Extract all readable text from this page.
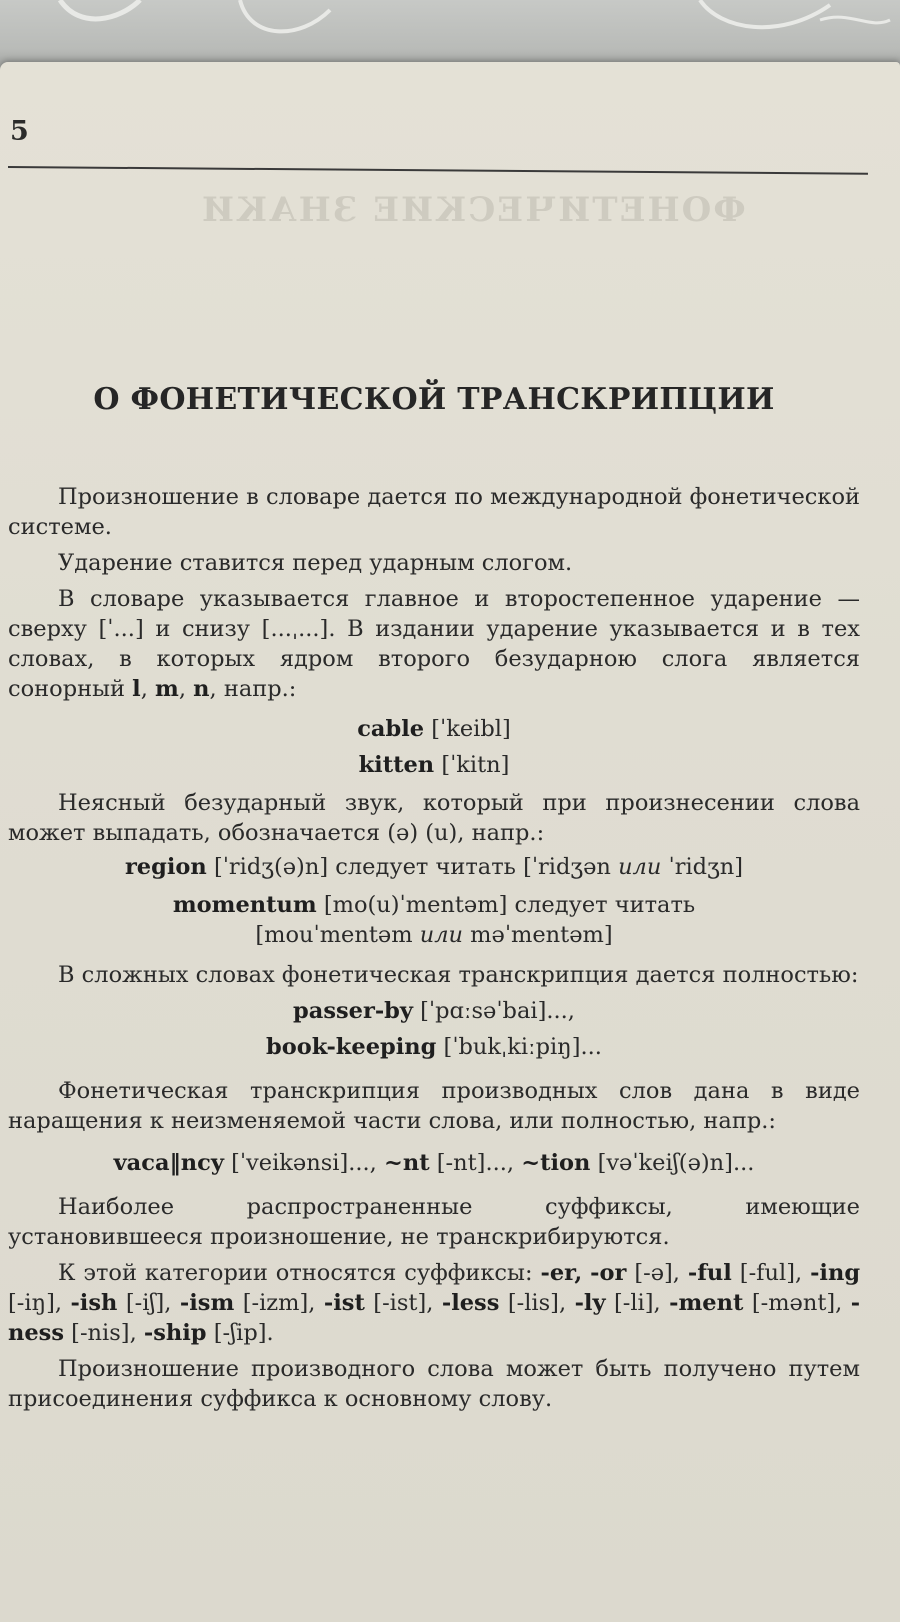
5
ФОНЕТИЧЕСКИЕ ЗНАКИ
О ФОНЕТИЧЕСКОЙ ТРАНСКРИПЦИИ

Произношение в словаре дается по международной фонетической системе.

Ударение ставится перед ударным слогом.

В словаре указывается главное и второстепенное ударение — сверху [ˈ...] и снизу [...ˌ...]. В издании ударение указывается и в тех словах, в которых ядром второго безударною слога является сонорный l, m, n, напр.:

cable [ˈkeibl]
kitten [ˈkitn]

Неясный безударный звук, который при произнесении слова может выпадать, обозначается (ə) (u), напр.:

region [ˈridʒ(ə)n] следует читать [ˈridʒən или ˈridʒn]
momentum [mo(u)ˈmentəm] следует читать
[mouˈmentəm или məˈmentəm]

В сложных словах фонетическая транскрипция дается полностью:

passer-by [ˈpɑːsəˈbai]...,
book-keeping [ˈbukˌkiːpiŋ]...

Фонетическая транскрипция производных слов дана в виде наращения к неизменяемой части слова, или полностью, напр.:

vaca‖ncy [ˈveikənsi]..., ~nt [-nt]..., ~tion [vəˈkeiʃ(ə)n]...

Наиболее распространенные суффиксы, имеющие установившееся произношение, не транскрибируются.

К этой категории относятся суффиксы: -er, -or [-ə], -ful [-ful], -ing [-iŋ], -ish [-iʃ], -ism [-izm], -ist [-ist], -less [-lis], -ly [-li], -ment [-mənt], -ness [-nis], -ship [-ʃip].

Произношение производного слова может быть получено путем присоединения суффикса к основному слову.
